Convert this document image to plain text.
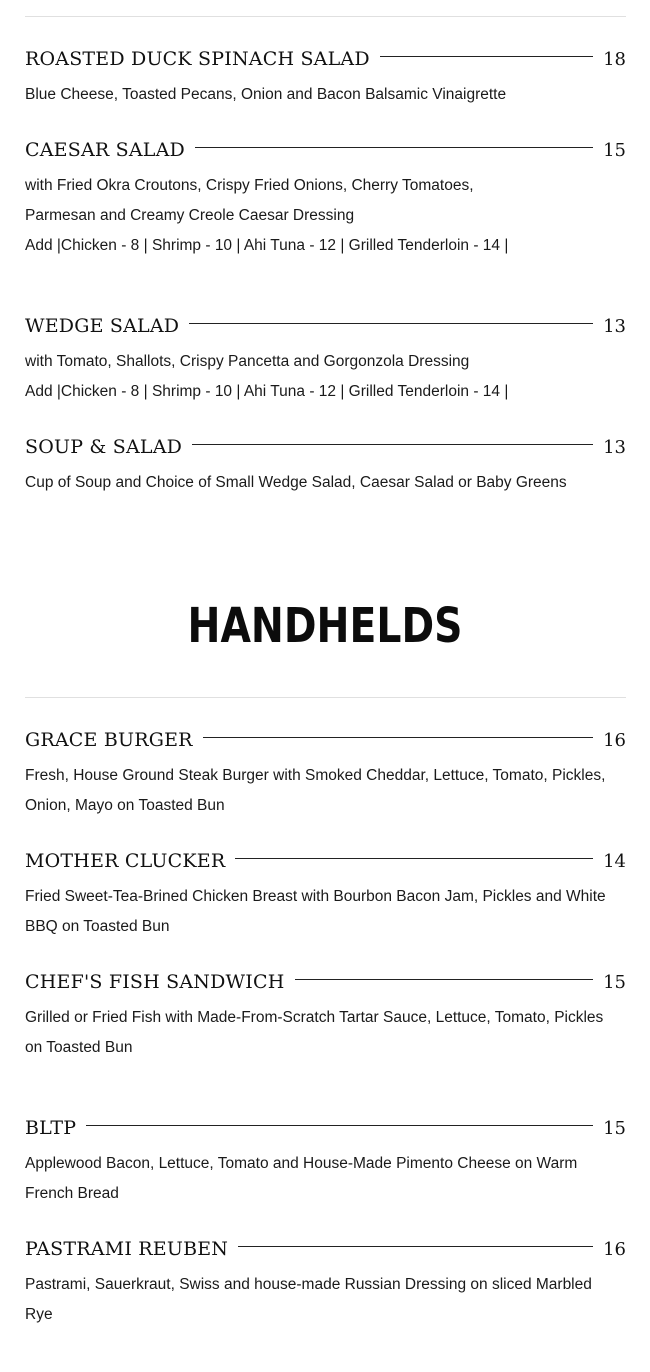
ROASTED DUCK SPINACH SALAD	18
Blue Cheese, Toasted Pecans, Onion and Bacon Balsamic Vinaigrette
CAESAR SALAD	15
with Fried Okra Croutons, Crispy Fried Onions, Cherry Tomatoes,
Parmesan and Creamy Creole Caesar Dressing
Add |Chicken - 8 | Shrimp - 10 | Ahi Tuna - 12 | Grilled Tenderloin - 14 |
WEDGE SALAD	13
with Tomato, Shallots, Crispy Pancetta and Gorgonzola Dressing
Add |Chicken - 8 | Shrimp - 10 | Ahi Tuna - 12 | Grilled Tenderloin - 14 |
SOUP & SALAD	13
Cup of Soup and Choice of Small Wedge Salad, Caesar Salad or Baby Greens
HANDHELDS
GRACE BURGER	16
Fresh, House Ground Steak Burger with Smoked Cheddar, Lettuce, Tomato, Pickles,
Onion, Mayo on Toasted Bun
MOTHER CLUCKER	14
Fried Sweet-Tea-Brined Chicken Breast with Bourbon Bacon Jam, Pickles and White
BBQ on Toasted Bun
CHEF'S FISH SANDWICH	15
Grilled or Fried Fish with Made-From-Scratch Tartar Sauce, Lettuce, Tomato, Pickles
on Toasted Bun
BLTP	15
Applewood Bacon, Lettuce, Tomato and House-Made Pimento Cheese on Warm
French Bread
PASTRAMI REUBEN	16
Pastrami, Sauerkraut, Swiss and house-made Russian Dressing on sliced Marbled
Rye
